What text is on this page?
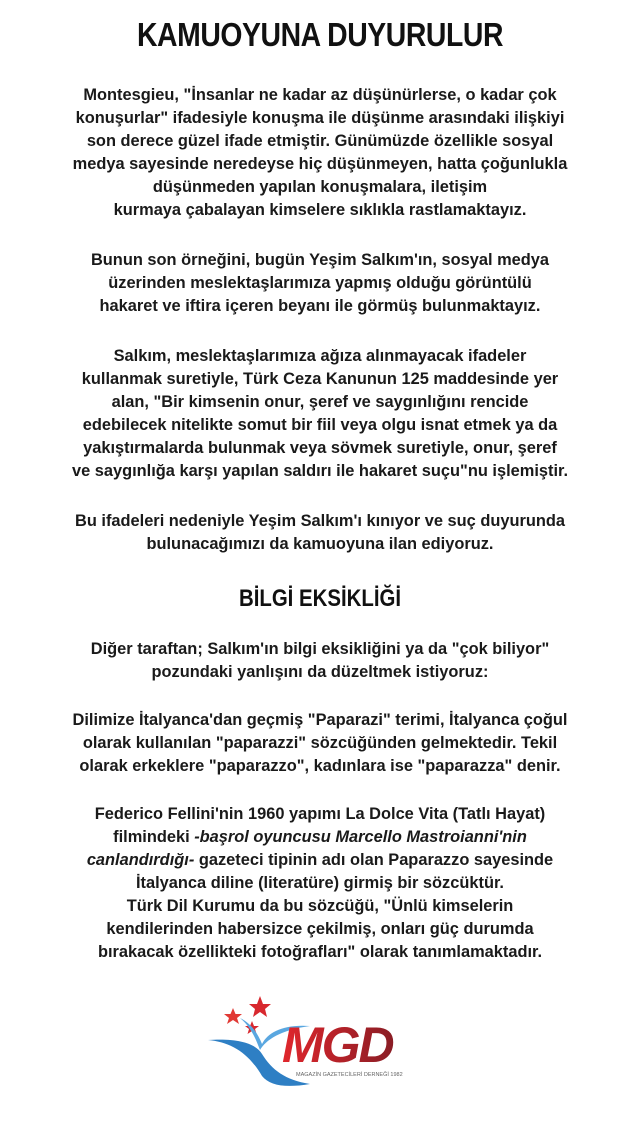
KAMUOYUNA DUYURULUR
Montesgieu, "İnsanlar ne kadar az düşünürlerse, o kadar çok
konuşurlar" ifadesiyle konuşma ile düşünme arasındaki ilişkiyi
son derece güzel ifade etmiştir. Günümüzde özellikle sosyal
medya sayesinde neredeyse hiç düşünmeyen, hatta çoğunlukla
düşünmeden yapılan konuşmalara, iletişim
kurmaya çabalayan kimselere sıklıkla rastlamaktayız.
Bunun son örneğini, bugün Yeşim Salkım'ın, sosyal medya
üzerinden meslektaşlarımıza yapmış olduğu görüntülü
hakaret ve iftira içeren beyanı ile görmüş bulunmaktayız.
Salkım, meslektaşlarımıza ağıza alınmayacak ifadeler
kullanmak suretiyle, Türk Ceza Kanunun 125 maddesinde yer
alan, "Bir kimsenin onur, şeref ve saygınlığını rencide
edebilecek nitelikte somut bir fiil veya olgu isnat etmek ya da
yakıştırmalarda bulunmak veya sövmek suretiyle, onur, şeref
ve saygınlığa karşı yapılan saldırı ile hakaret suçu"nu işlemiştir.
Bu ifadeleri nedeniyle Yeşim Salkım'ı kınıyor ve suç duyurunda
bulunacağımızı da kamuoyuna ilan ediyoruz.
BİLGİ EKSİKLİĞİ
Diğer taraftan; Salkım'ın bilgi eksikliğini ya da "çok biliyor"
pozundaki yanlışını da düzeltmek istiyoruz:
Dilimize İtalyanca'dan geçmiş "Paparazi" terimi, İtalyanca çoğul
olarak kullanılan "paparazzi" sözcüğünden gelmektedir. Tekil
olarak erkeklere "paparazzo", kadınlara ise "paparazza" denir.
Federico Fellini'nin 1960 yapımı La Dolce Vita (Tatlı Hayat)
filmindeki -başrol oyuncusu Marcello Mastroianni'nin
canlandırdığı- gazeteci tipinin adı olan Paparazzo sayesinde
İtalyanca diline (literatüre) girmiş bir sözcüktür.
Türk Dil Kurumu da bu sözcüğü, "Ünlü kimselerin
kendilerinden habersizce çekilmiş, onları güç durumda
bırakacak özellikteki fotoğrafları" olarak tanımlamaktadır.
MGD
MAGAZİN GAZETECİLERİ DERNEĞİ 1982
